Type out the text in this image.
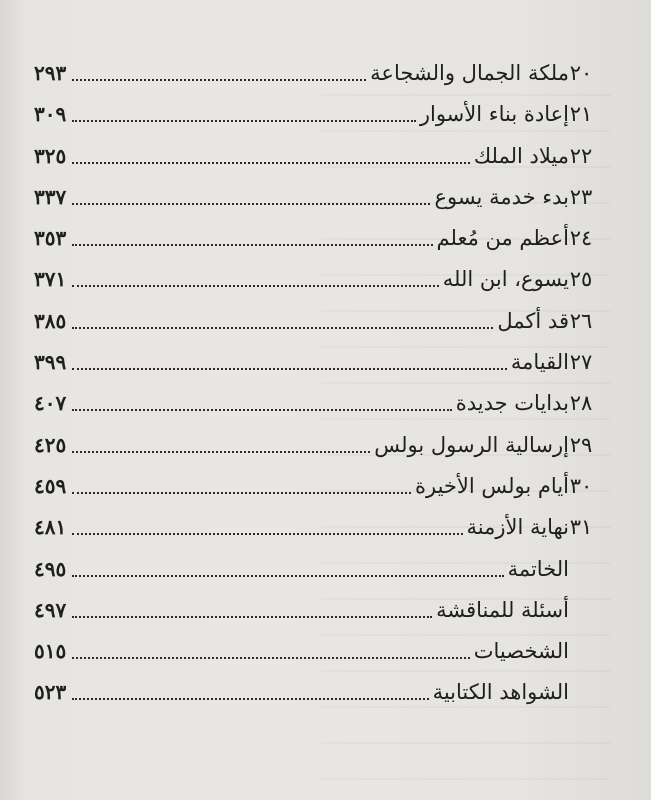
٢٠
ملكة الجمال والشجاعة
٢٩٣
٢١
إعادة بناء الأسوار
٣٠٩
٢٢
ميلاد الملك
٣٢٥
٢٣
بدء خدمة يسوع
٣٣٧
٢٤
أعظم من مُعلم
٣٥٣
٢٥
يسوع، ابن الله
٣٧١
٢٦
قد أكمل
٣٨٥
٢٧
القيامة
٣٩٩
٢٨
بدايات جديدة
٤٠٧
٢٩
إرسالية الرسول بولس
٤٢٥
٣٠
أيام بولس الأخيرة
٤٥٩
٣١
نهاية الأزمنة
٤٨١
الخاتمة
٤٩٥
أسئلة للمناقشة
٤٩٧
الشخصيات
٥١٥
الشواهد الكتابية
٥٢٣
